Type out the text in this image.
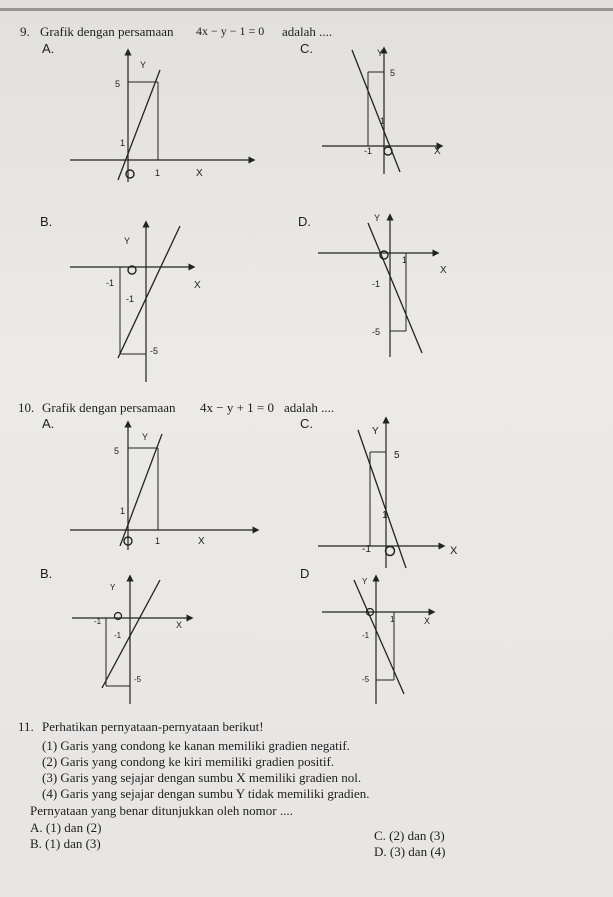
9. Grafik dengan persamaan 4x − y − 1 = 0 adalah ....
A.	C.
B.	D.
Y
5
1
1	X
Y
5
1
-1	X
Y
-1
-1
-5
X
Y
1
-1
-5
X
10. Grafik dengan persamaan 4x − y + 1 = 0 adalah ....
A.	C.
B.	D
Y
5
1
1	X
Y
5
1
-1	X
Y
-1
-1
-5
X
Y
1
-1
-5
X
11. Perhatikan pernyataan-pernyataan berikut!
(1) Garis yang condong ke kanan memiliki gradien negatif.
(2) Garis yang condong ke kiri memiliki gradien positif.
(3) Garis yang sejajar dengan sumbu X memiliki gradien nol.
(4) Garis yang sejajar dengan sumbu Y tidak memiliki gradien.
Pernyataan yang benar ditunjukkan oleh nomor ....
A. (1) dan (2)
B. (1) dan (3)
C. (2) dan (3)
D. (3) dan (4)
